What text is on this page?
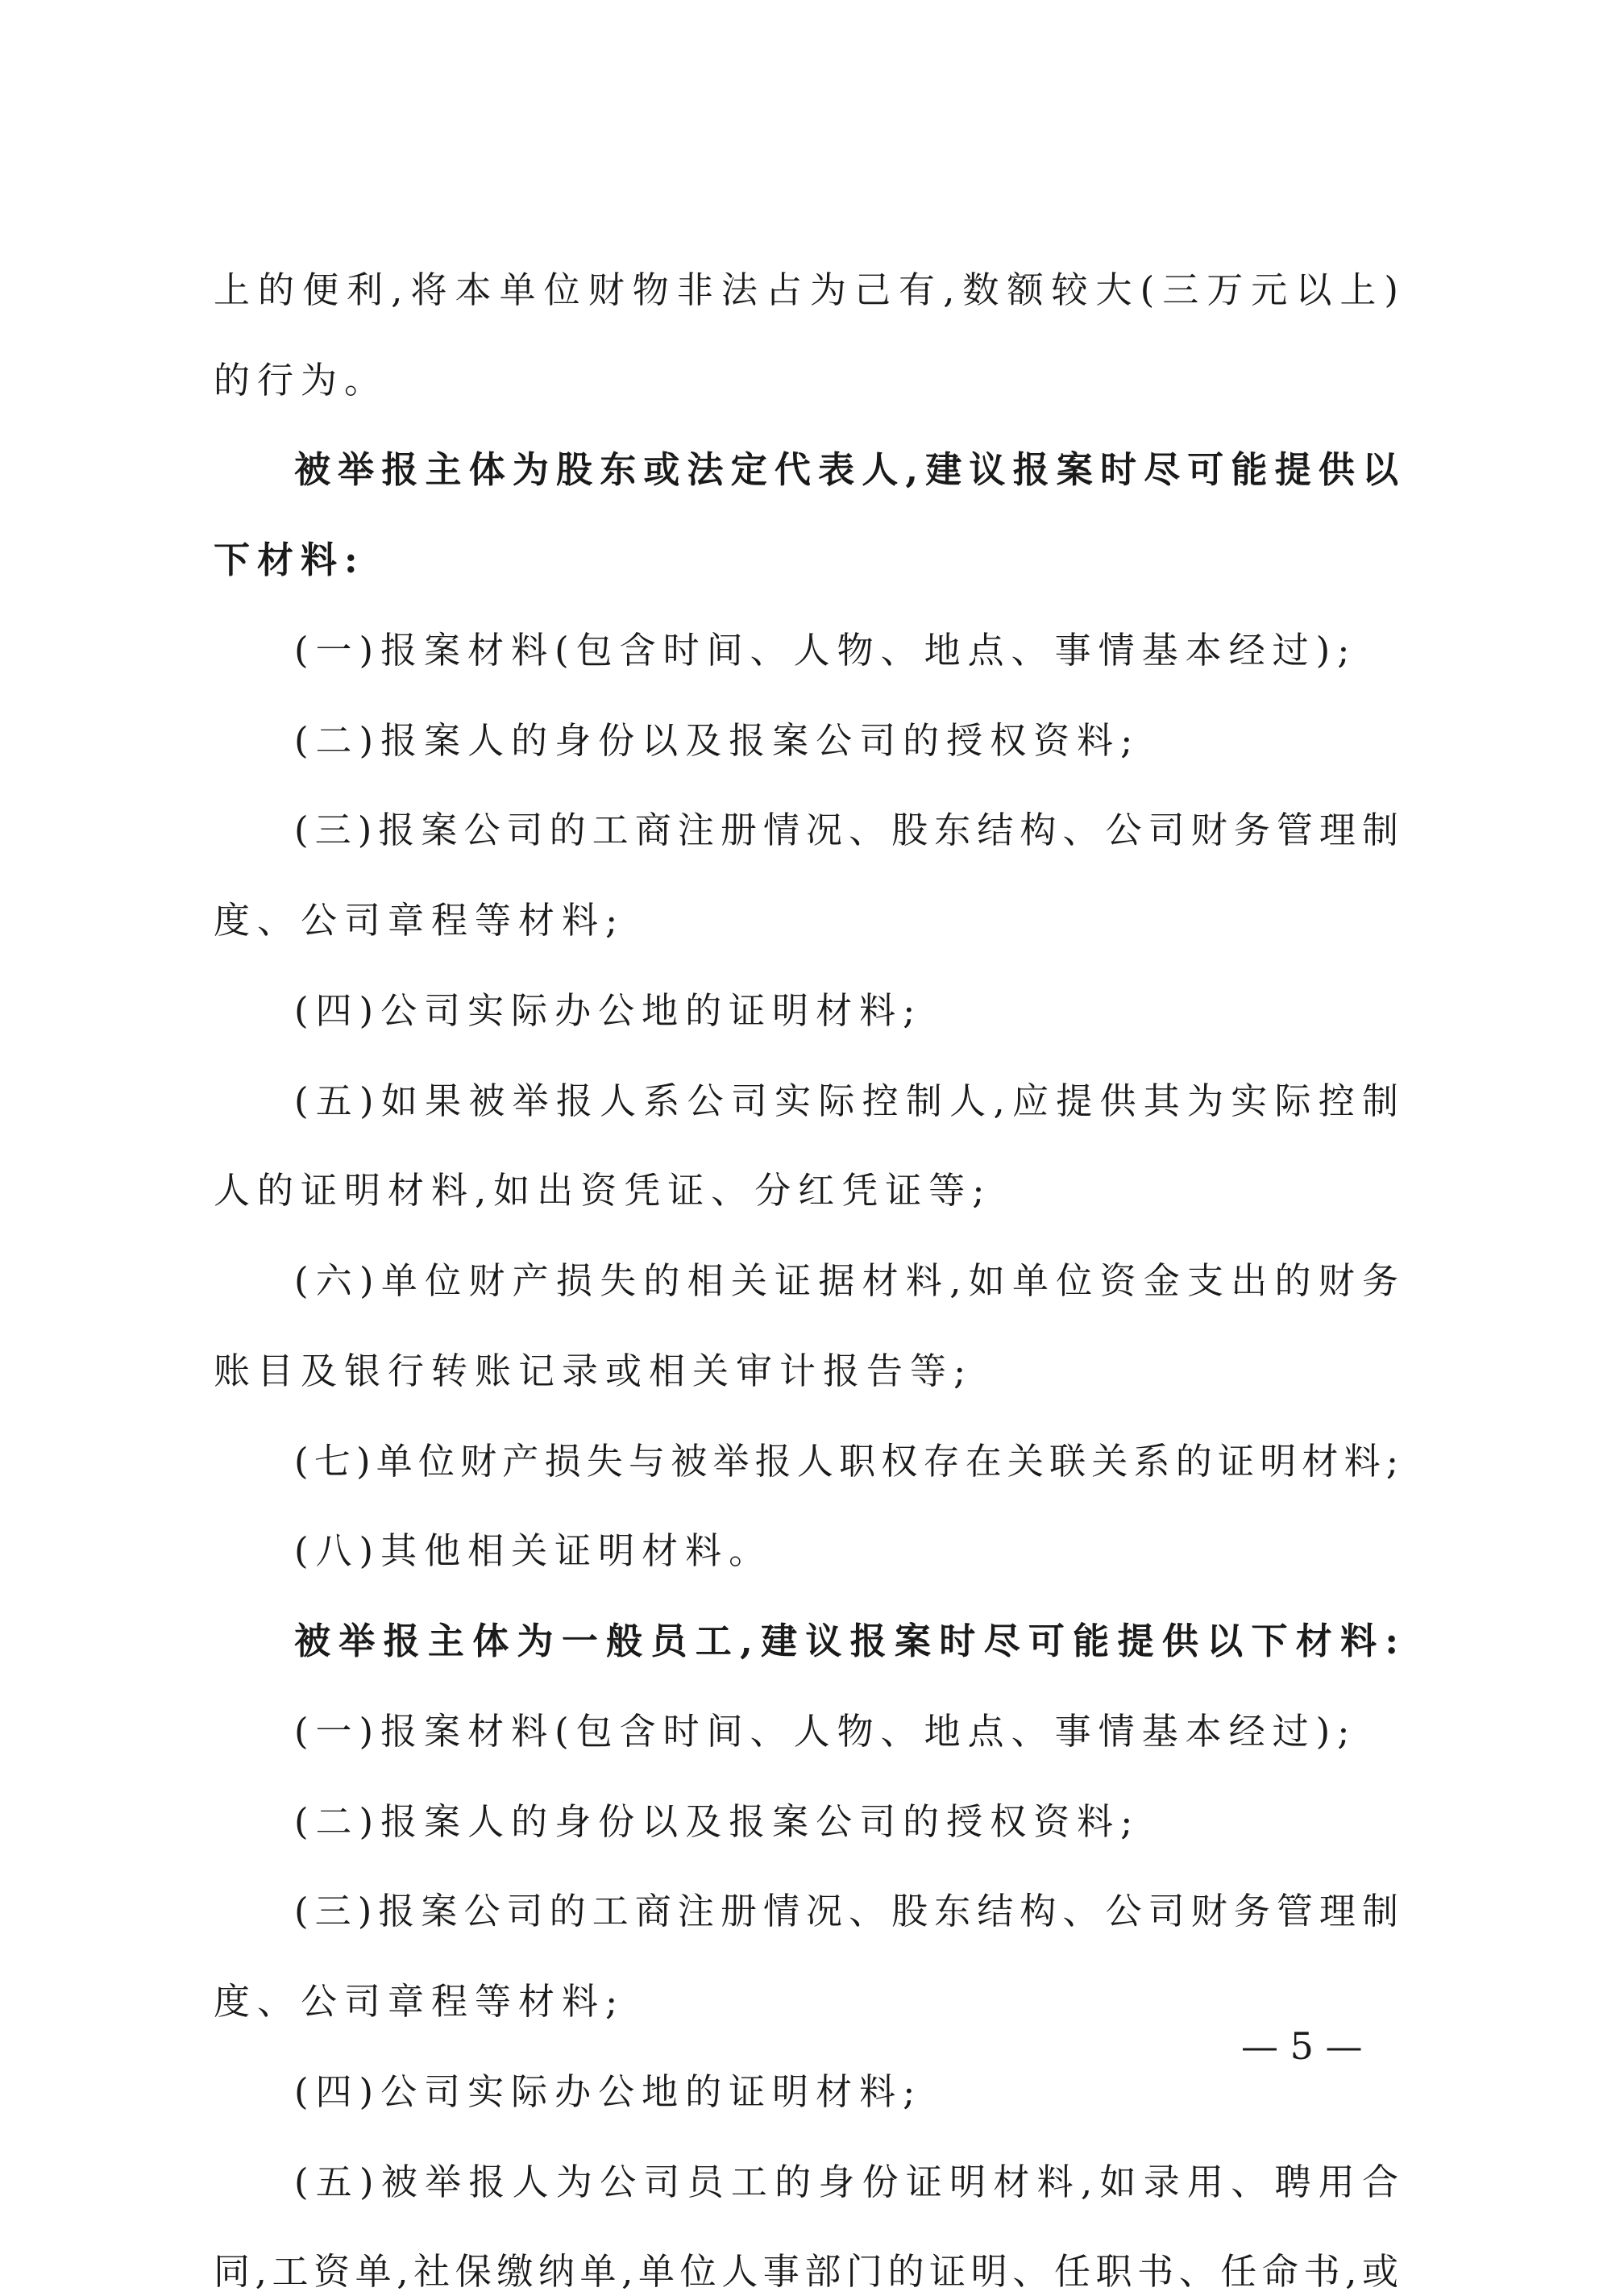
上的便利,将本单位财物非法占为己有,数额较大(三万元以上)
的行为。
被举报主体为股东或法定代表人,建议报案时尽可能提供以
下材料:
(一)报案材料(包含时间、人物、地点、事情基本经过);
(二)报案人的身份以及报案公司的授权资料;
(三)报案公司的工商注册情况、股东结构、公司财务管理制
度、公司章程等材料;
(四)公司实际办公地的证明材料;
(五)如果被举报人系公司实际控制人,应提供其为实际控制
人的证明材料,如出资凭证、分红凭证等;
(六)单位财产损失的相关证据材料,如单位资金支出的财务
账目及银行转账记录或相关审计报告等;
(七)单位财产损失与被举报人职权存在关联关系的证明材料;
(八)其他相关证明材料。
被举报主体为一般员工,建议报案时尽可能提供以下材料:
(一)报案材料(包含时间、人物、地点、事情基本经过);
(二)报案人的身份以及报案公司的授权资料;
(三)报案公司的工商注册情况、股东结构、公司财务管理制
度、公司章程等材料;
(四)公司实际办公地的证明材料;
(五)被举报人为公司员工的身份证明材料,如录用、聘用合
同,工资单,社保缴纳单,单位人事部门的证明、任职书、任命书,或
— 5 —
